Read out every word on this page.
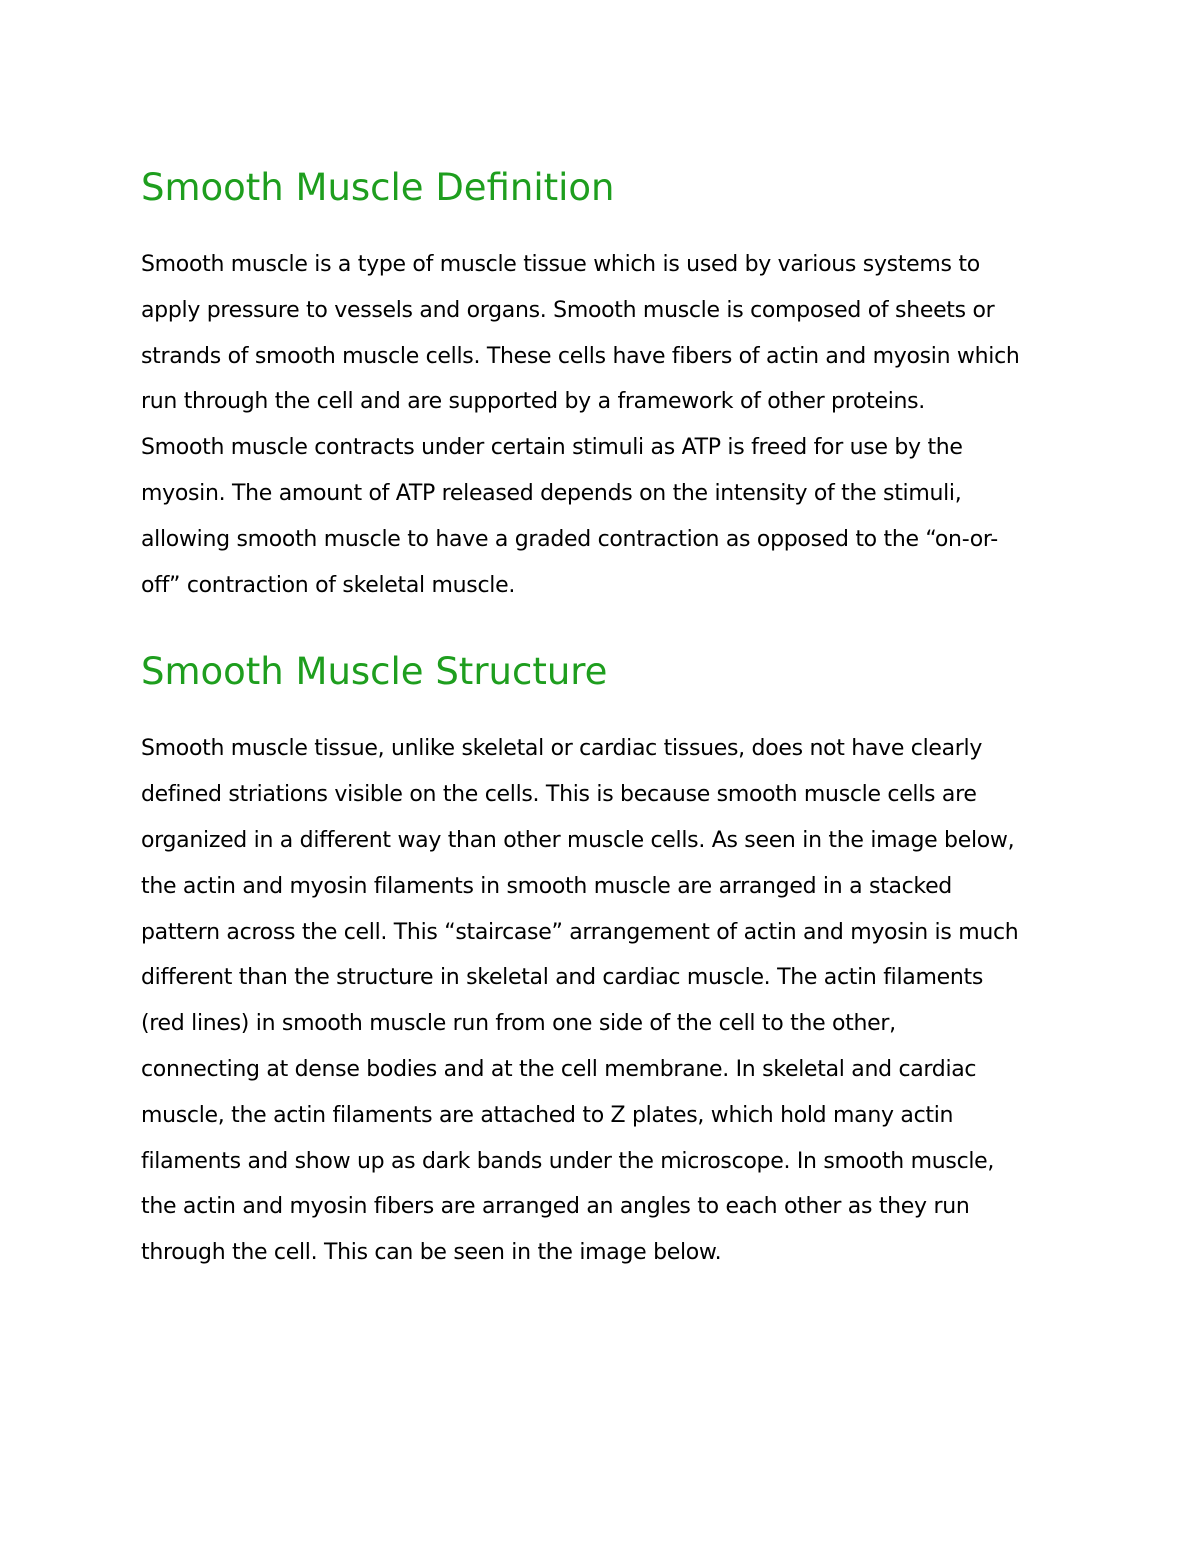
Smooth Muscle Definition

Smooth muscle is a type of muscle tissue which is used by various systems to
apply pressure to vessels and organs. Smooth muscle is composed of sheets or
strands of smooth muscle cells. These cells have fibers of actin and myosin which
run through the cell and are supported by a framework of other proteins.
Smooth muscle contracts under certain stimuli as ATP is freed for use by the
myosin. The amount of ATP released depends on the intensity of the stimuli,
allowing smooth muscle to have a graded contraction as opposed to the “on-or-
off” contraction of skeletal muscle.

Smooth Muscle Structure

Smooth muscle tissue, unlike skeletal or cardiac tissues, does not have clearly
defined striations visible on the cells. This is because smooth muscle cells are
organized in a different way than other muscle cells. As seen in the image below,
the actin and myosin filaments in smooth muscle are arranged in a stacked
pattern across the cell. This “staircase” arrangement of actin and myosin is much
different than the structure in skeletal and cardiac muscle. The actin filaments
(red lines) in smooth muscle run from one side of the cell to the other,
connecting at dense bodies and at the cell membrane. In skeletal and cardiac
muscle, the actin filaments are attached to Z plates, which hold many actin
filaments and show up as dark bands under the microscope. In smooth muscle,
the actin and myosin fibers are arranged an angles to each other as they run
through the cell. This can be seen in the image below.
